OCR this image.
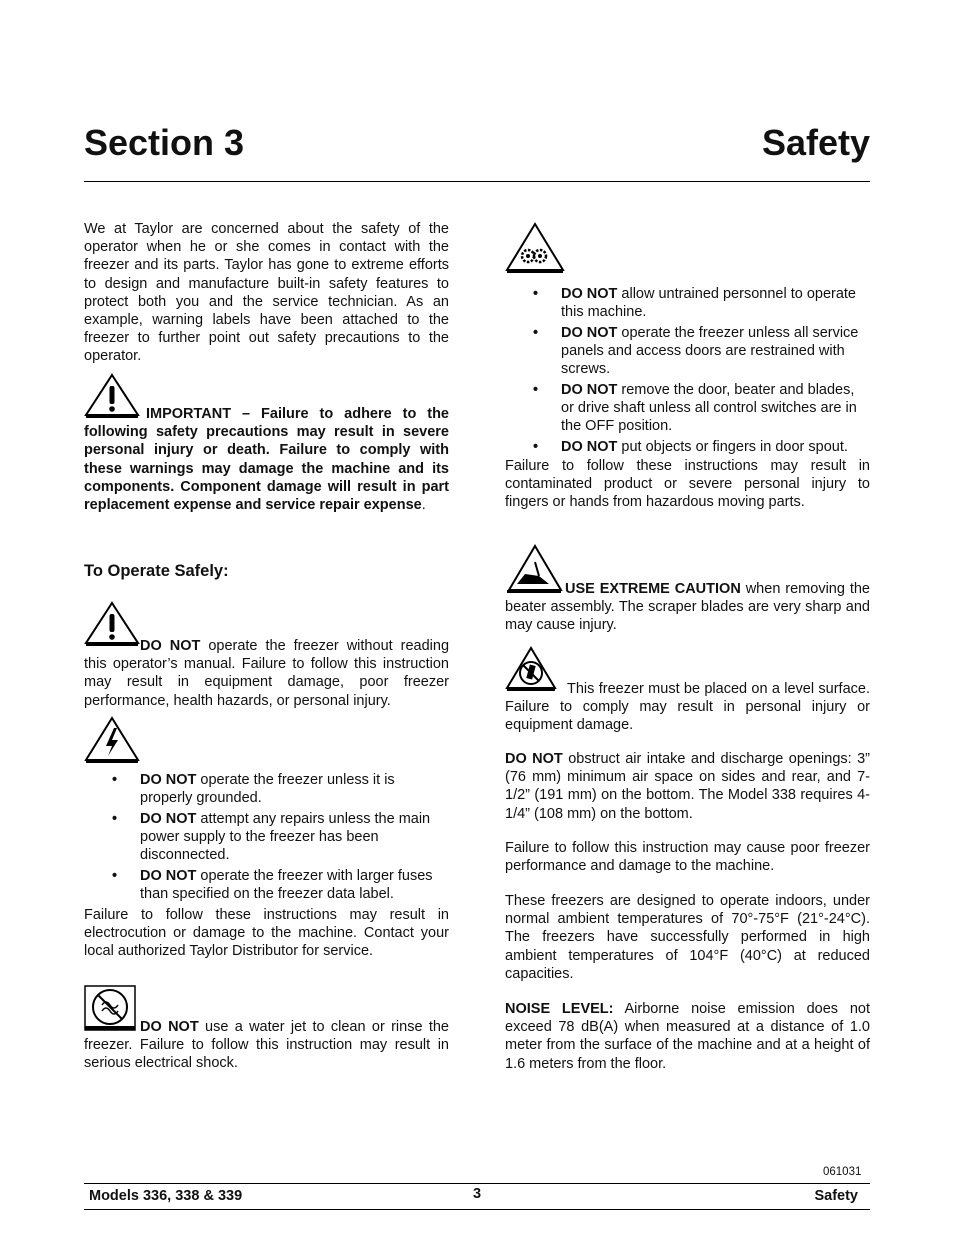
Section 3	Safety

We at Taylor are concerned about the safety of the operator when he or she comes in contact with the freezer and its parts. Taylor has gone to extreme efforts to design and manufacture built-in safety features to protect both you and the service technician. As an example, warning labels have been attached to the freezer to further point out safety precautions to the operator.

IMPORTANT – Failure to adhere to the following safety precautions may result in severe personal injury or death. Failure to comply with these warnings may damage the machine and its components. Component damage will result in part replacement expense and service repair expense.

To Operate Safely:

DO NOT operate the freezer without reading this operator’s manual. Failure to follow this instruction may result in equipment damage, poor freezer performance, health hazards, or personal injury.

• DO NOT operate the freezer unless it is properly grounded.
• DO NOT attempt any repairs unless the main power supply to the freezer has been disconnected.
• DO NOT operate the freezer with larger fuses than specified on the freezer data label.

Failure to follow these instructions may result in electrocution or damage to the machine. Contact your local authorized Taylor Distributor for service.

DO NOT use a water jet to clean or rinse the freezer. Failure to follow this instruction may result in serious electrical shock.

• DO NOT allow untrained personnel to operate this machine.
• DO NOT operate the freezer unless all service panels and access doors are restrained with screws.
• DO NOT remove the door, beater and blades, or drive shaft unless all control switches are in the OFF position.
• DO NOT put objects or fingers in door spout.

Failure to follow these instructions may result in contaminated product or severe personal injury to fingers or hands from hazardous moving parts.

USE EXTREME CAUTION when removing the beater assembly. The scraper blades are very sharp and may cause injury.

This freezer must be placed on a level surface. Failure to comply may result in personal injury or equipment damage.

DO NOT obstruct air intake and discharge openings: 3” (76 mm) minimum air space on sides and rear, and 7-1/2” (191 mm) on the bottom. The Model 338 requires 4-1/4” (108 mm) on the bottom.

Failure to follow this instruction may cause poor freezer performance and damage to the machine.

These freezers are designed to operate indoors, under normal ambient temperatures of 70°-75°F (21°-24°C). The freezers have successfully performed in high ambient temperatures of 104°F (40°C) at reduced capacities.

NOISE LEVEL: Airborne noise emission does not exceed 78 dB(A) when measured at a distance of 1.0 meter from the surface of the machine and at a height of 1.6 meters from the floor.

061031
Models 336, 338 & 339	3	Safety
